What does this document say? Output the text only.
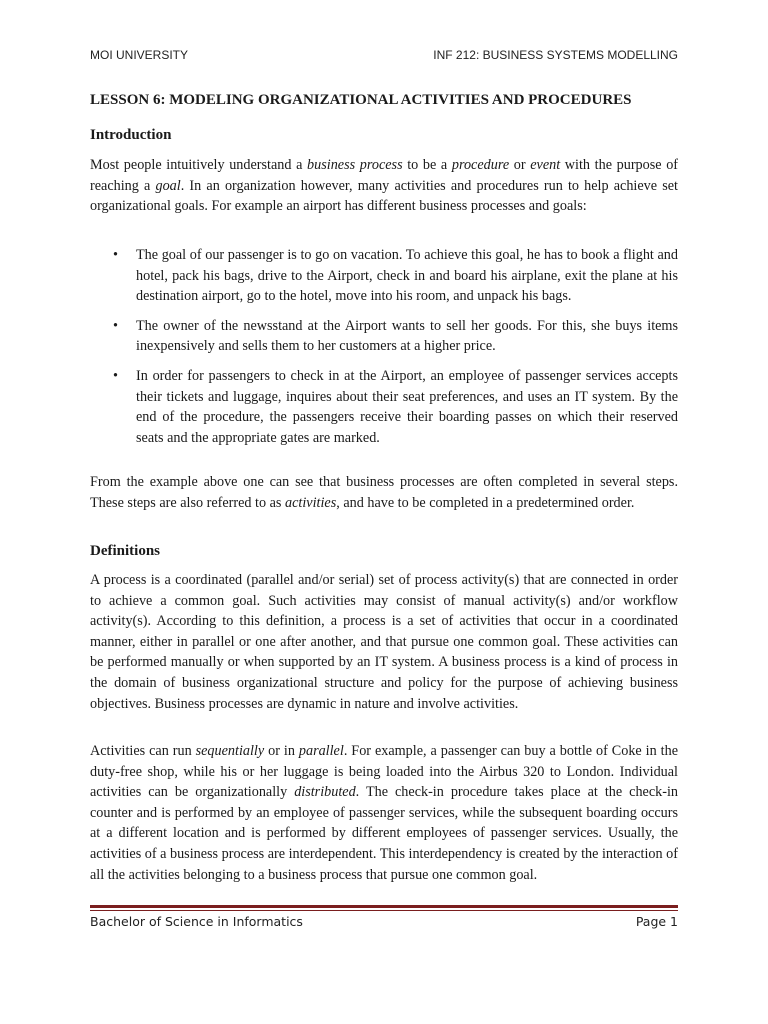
MOI UNIVERSITY	INF 212: BUSINESS SYSTEMS MODELLING
LESSON 6: MODELING ORGANIZATIONAL ACTIVITIES AND PROCEDURES
Introduction

Most people intuitively understand a business process to be a procedure or event with the purpose of reaching a goal. In an organization however, many activities and procedures run to help achieve set organizational goals. For example an airport has different business processes and goals:

• The goal of our passenger is to go on vacation. To achieve this goal, he has to book a flight and hotel, pack his bags, drive to the Airport, check in and board his airplane, exit the plane at his destination airport, go to the hotel, move into his room, and unpack his bags.
• The owner of the newsstand at the Airport wants to sell her goods. For this, she buys items inexpensively and sells them to her customers at a higher price.
• In order for passengers to check in at the Airport, an employee of passenger services accepts their tickets and luggage, inquires about their seat preferences, and uses an IT system. By the end of the procedure, the passengers receive their boarding passes on which their reserved seats and the appropriate gates are marked.

From the example above one can see that business processes are often completed in several steps. These steps are also referred to as activities, and have to be completed in a predetermined order.

Definitions

A process is a coordinated (parallel and/or serial) set of process activity(s) that are connected in order to achieve a common goal. Such activities may consist of manual activity(s) and/or workflow activity(s). According to this definition, a process is a set of activities that occur in a coordinated manner, either in parallel or one after another, and that pursue one common goal. These activities can be performed manually or when supported by an IT system. A business process is a kind of process in the domain of business organizational structure and policy for the purpose of achieving business objectives. Business processes are dynamic in nature and involve activities.

Activities can run sequentially or in parallel. For example, a passenger can buy a bottle of Coke in the duty-free shop, while his or her luggage is being loaded into the Airbus 320 to London. Individual activities can be organizationally distributed. The check-in procedure takes place at the check-in counter and is performed by an employee of passenger services, while the subsequent boarding occurs at a different location and is performed by different employees of passenger services. Usually, the activities of a business process are interdependent. This interdependency is created by the interaction of all the activities belonging to a business process that pursue one common goal.

Bachelor of Science in Informatics	Page 1
